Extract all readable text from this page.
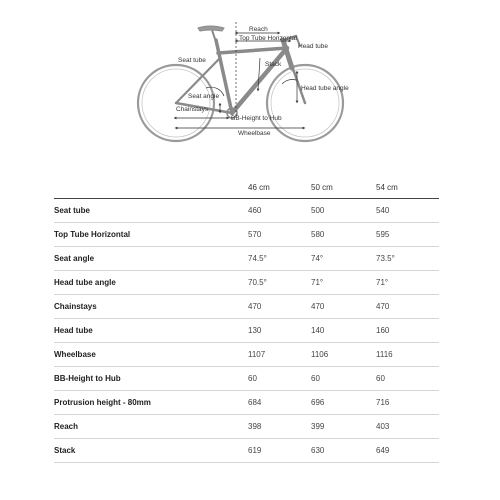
Reach
Top Tube Horizontal
Head tube
Seat tube
Stack
Seat angle
Head tube angle
Chainstays
BB-Height to Hub
Wheelbase
	46 cm	50 cm	54 cm
Seat tube	460	500	540
Top Tube Horizontal	570	580	595
Seat angle	74.5°	74°	73.5°
Head tube angle	70.5°	71°	71°
Chainstays	470	470	470
Head tube	130	140	160
Wheelbase	1107	1106	1116
BB-Height to Hub	60	60	60
Protrusion height - 80mm	684	696	716
Reach	398	399	403
Stack	619	630	649
